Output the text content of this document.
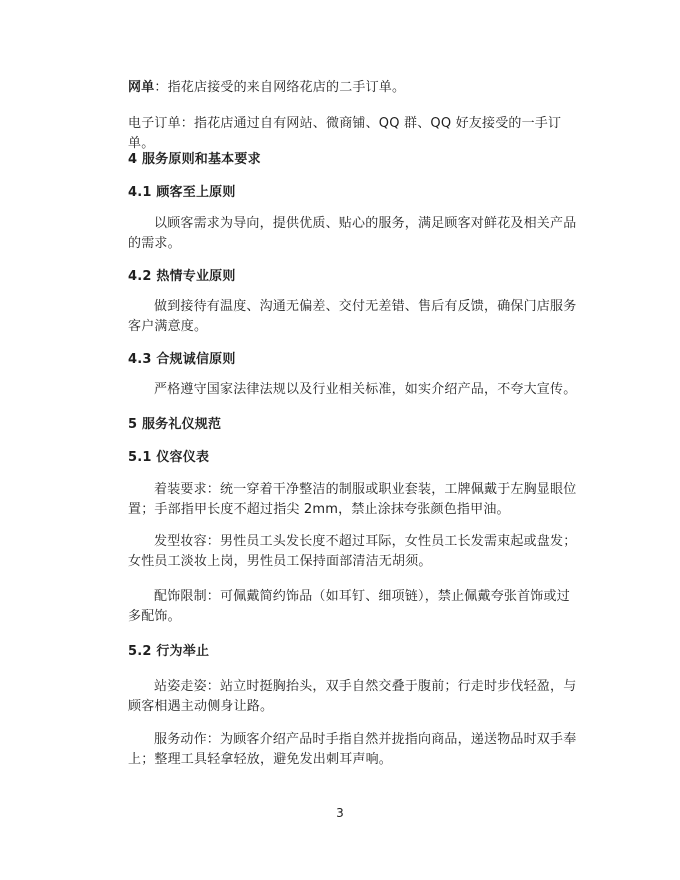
网单：指花店接受的来自网络花店的二手订单。

电子订单：指花店通过自有网站、微商铺、QQ 群、QQ 好友接受的一手订单。

4 服务原则和基本要求

4.1 顾客至上原则

以顾客需求为导向，提供优质、贴心的服务，满足顾客对鲜花及相关产品的需求。

4.2 热情专业原则

做到接待有温度、沟通无偏差、交付无差错、售后有反馈，确保门店服务客户满意度。

4.3 合规诚信原则

严格遵守国家法律法规以及行业相关标准，如实介绍产品，不夸大宣传。

5 服务礼仪规范

5.1 仪容仪表

着装要求：统一穿着干净整洁的制服或职业套装，工牌佩戴于左胸显眼位置；手部指甲长度不超过指尖 2mm，禁止涂抹夸张颜色指甲油。

发型妆容：男性员工头发长度不超过耳际，女性员工长发需束起或盘发；女性员工淡妆上岗，男性员工保持面部清洁无胡须。

配饰限制：可佩戴简约饰品（如耳钉、细项链），禁止佩戴夸张首饰或过多配饰。

5.2 行为举止

站姿走姿：站立时挺胸抬头，双手自然交叠于腹前；行走时步伐轻盈，与顾客相遇主动侧身让路。

服务动作：为顾客介绍产品时手指自然并拢指向商品，递送物品时双手奉上；整理工具轻拿轻放，避免发出刺耳声响。

3
